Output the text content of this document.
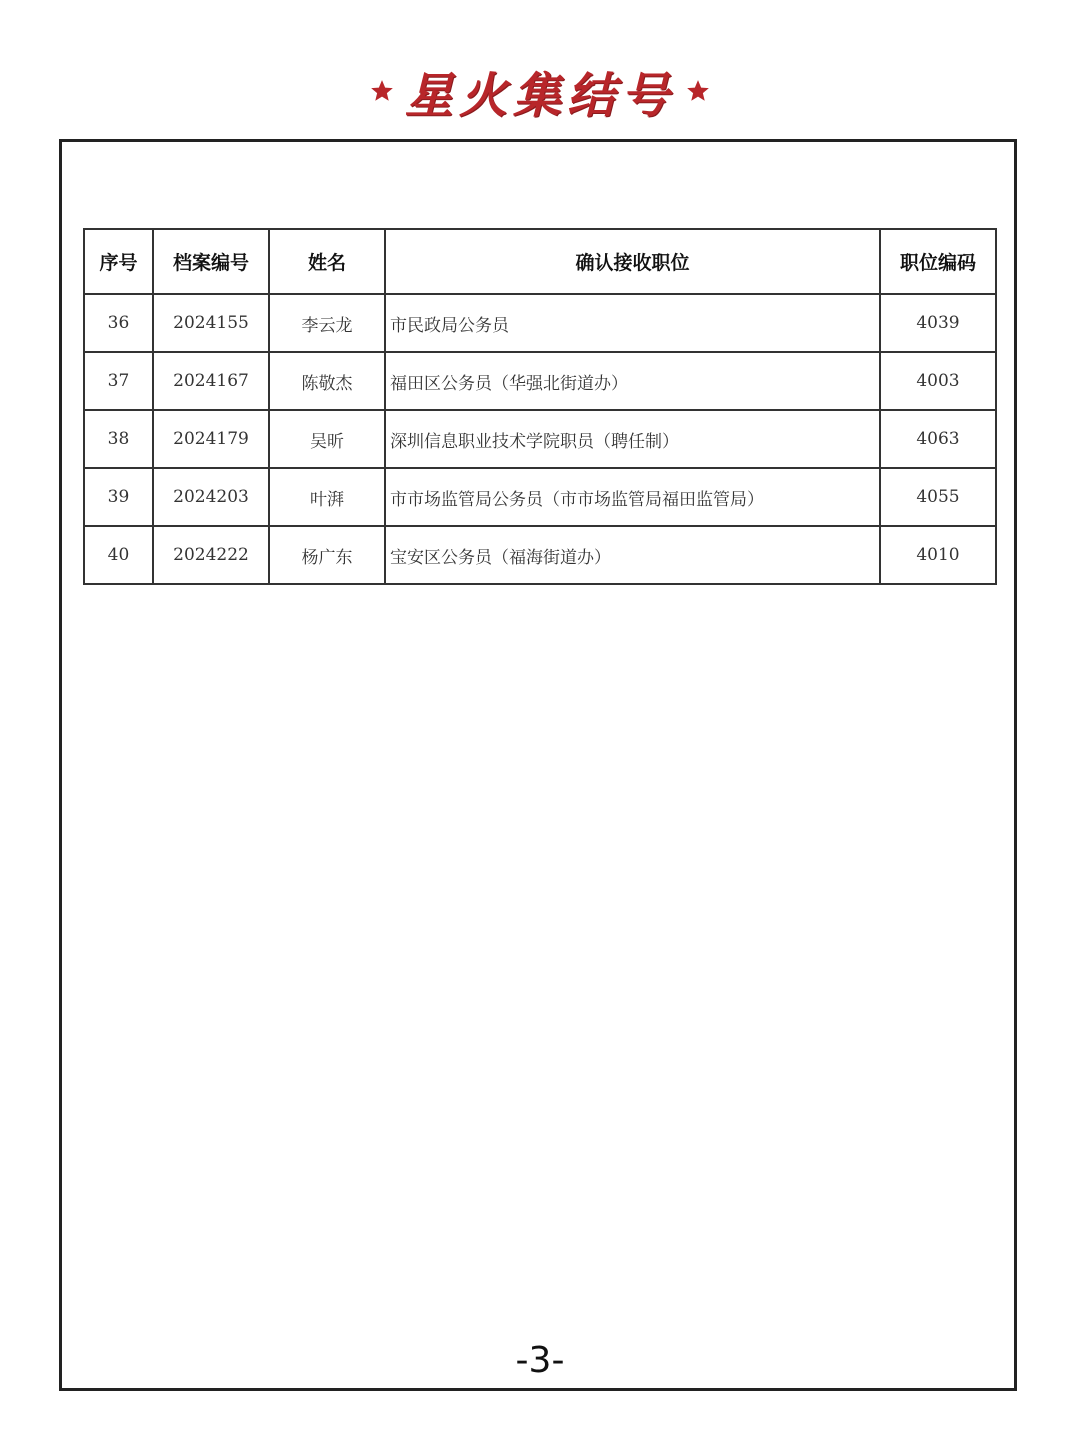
星火集结号
序号	档案编号	姓名	确认接收职位	职位编码
36	2024155	李云龙	市民政局公务员	4039
37	2024167	陈敬杰	福田区公务员（华强北街道办）	4003
38	2024179	吴昕	深圳信息职业技术学院职员（聘任制）	4063
39	2024203	叶湃	市市场监管局公务员（市市场监管局福田监管局）	4055
40	2024222	杨广东	宝安区公务员（福海街道办）	4010
-3-
